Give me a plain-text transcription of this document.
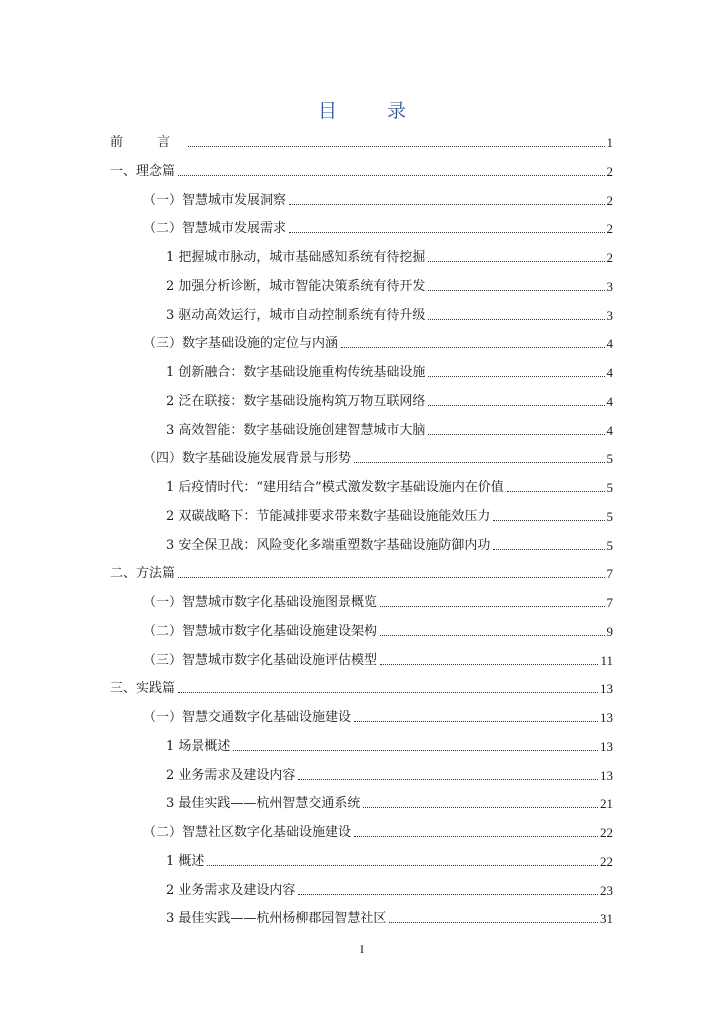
目 录
前 言	1
一、理念篇	2
（一）智慧城市发展洞察	2
（二）智慧城市发展需求	2
1 把握城市脉动，城市基础感知系统有待挖掘	2
2 加强分析诊断，城市智能决策系统有待开发	3
3 驱动高效运行，城市自动控制系统有待升级	3
（三）数字基础设施的定位与内涵	4
1 创新融合：数字基础设施重构传统基础设施	4
2 泛在联接：数字基础设施构筑万物互联网络	4
3 高效智能：数字基础设施创建智慧城市大脑	4
（四）数字基础设施发展背景与形势	5
1 后疫情时代：“建用结合”模式激发数字基础设施内在价值	5
2 双碳战略下：节能减排要求带来数字基础设施能效压力	5
3 安全保卫战：风险变化多端重塑数字基础设施防御内功	5
二、方法篇	7
（一）智慧城市数字化基础设施图景概览	7
（二）智慧城市数字化基础设施建设架构	9
（三）智慧城市数字化基础设施评估模型	11
三、实践篇	13
（一）智慧交通数字化基础设施建设	13
1 场景概述	13
2 业务需求及建设内容	13
3 最佳实践——杭州智慧交通系统	21
（二）智慧社区数字化基础设施建设	22
1 概述	22
2 业务需求及建设内容	23
3 最佳实践——杭州杨柳郡园智慧社区	31
I
